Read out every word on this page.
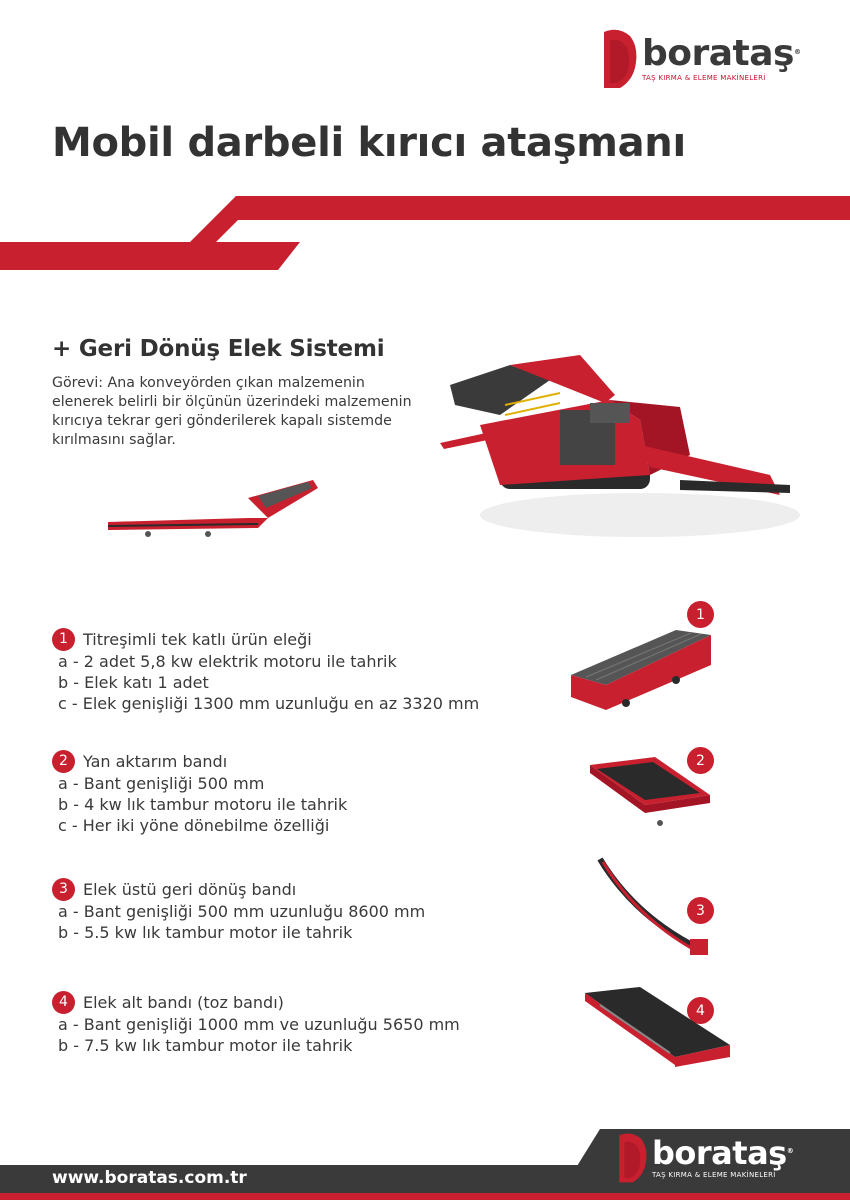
borataş®
TAŞ KIRMA & ELEME MAKİNELERİ
Mobil darbeli kırıcı ataşmanı
+ Geri Dönüş Elek Sistemi
Görevi: Ana konveyörden çıkan malzemenin elenerek belirli bir ölçünün üzerindeki malzemenin kırıcıya tekrar geri gönderilerek kapalı sistemde kırılmasını sağlar.
1 Titreşimli tek katlı ürün eleği
a - 2 adet 5,8 kw elektrik motoru ile tahrik
b - Elek katı 1 adet
c - Elek genişliği 1300 mm uzunluğu en az 3320 mm
2 Yan aktarım bandı
a - Bant genişliği 500 mm
b - 4 kw lık tambur motoru ile tahrik
c - Her iki yöne dönebilme özelliği
3 Elek üstü geri dönüş bandı
a - Bant genişliği 500 mm uzunluğu 8600 mm
b - 5.5 kw lık tambur motor ile tahrik
4 Elek alt bandı (toz bandı)
a - Bant genişliği 1000 mm ve uzunluğu 5650 mm
b - 7.5 kw lık tambur motor ile tahrik
1
2
3
4
www.boratas.com.tr
borataş®
TAŞ KIRMA & ELEME MAKİNELERİ
